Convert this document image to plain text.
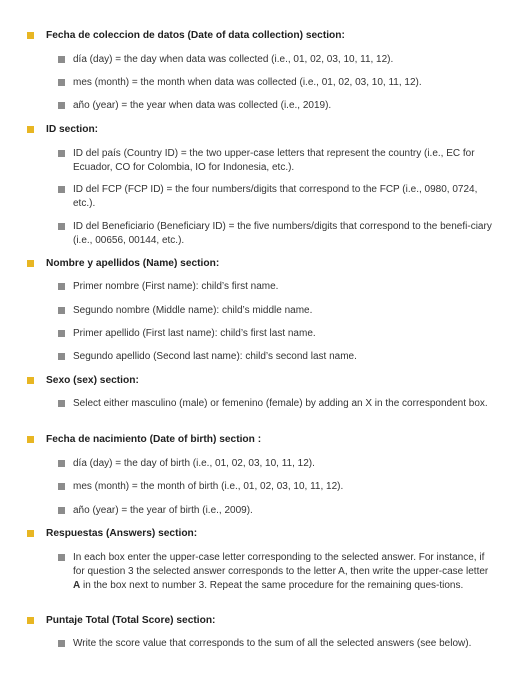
Fecha de coleccion de datos (Date of data collection) section:
día (day) = the day when data was collected (i.e., 01, 02, 03, 10, 11, 12).
mes (month) = the month when data was collected (i.e., 01, 02, 03, 10, 11, 12).
año (year) = the year when data was collected (i.e., 2019).
ID section:
ID del país (Country ID) = the two upper-case letters that represent the country (i.e., EC for Ecuador, CO for Colombia, IO for Indonesia, etc.).
ID del FCP (FCP ID) = the four numbers/digits that correspond to the FCP (i.e., 0980, 0724, etc.).
ID del Beneficiario (Beneficiary ID) = the five numbers/digits that correspond to the benefi-ciary (i.e., 00656, 00144, etc.).
Nombre y apellidos (Name) section:
Primer nombre (First name): child’s first name.
Segundo nombre (Middle name): child’s middle name.
Primer apellido (First last name): child’s first last name.
Segundo apellido (Second last name): child’s second last name.
Sexo (sex) section:
Select either masculino (male) or femenino (female) by adding an X in the correspondent box.
Fecha de nacimiento (Date of birth) section :
día (day) = the day of birth (i.e., 01, 02, 03, 10, 11, 12).
mes (month) = the month of birth (i.e., 01, 02, 03, 10, 11, 12).
año (year) = the year of birth (i.e., 2009).
Respuestas (Answers) section:
In each box enter the upper-case letter corresponding to the selected answer. For instance, if for question 3 the selected answer corresponds to the letter A, then write the upper-case letter A in the box next to number 3. Repeat the same procedure for the remaining ques-tions.
Puntaje Total (Total Score) section:
Write the score value that corresponds to the sum of all the selected answers (see below).
